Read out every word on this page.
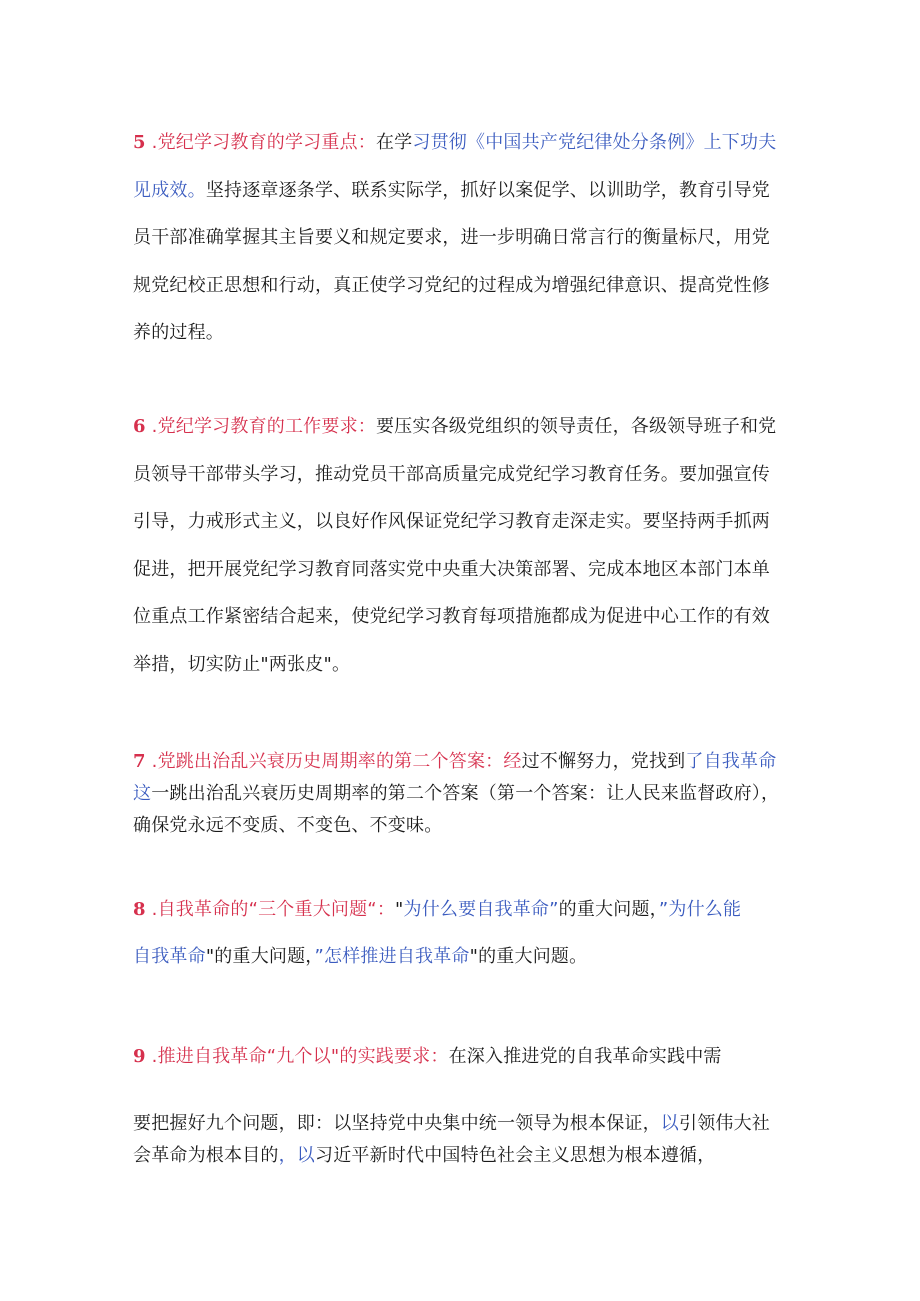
5 .党纪学习教育的学习重点：在学习贯彻《中国共产党纪律处分条例》上下功夫
见成效。坚持逐章逐条学、联系实际学，抓好以案促学、以训助学，教育引导党
员干部准确掌握其主旨要义和规定要求，进一步明确日常言行的衡量标尺，用党
规党纪校正思想和行动，真正使学习党纪的过程成为增强纪律意识、提高党性修
养的过程。
6 .党纪学习教育的工作要求：要压实各级党组织的领导责任，各级领导班子和党
员领导干部带头学习，推动党员干部高质量完成党纪学习教育任务。要加强宣传
引导，力戒形式主义，以良好作风保证党纪学习教育走深走实。要坚持两手抓两
促进，把开展党纪学习教育同落实党中央重大决策部署、完成本地区本部门本单
位重点工作紧密结合起来，使党纪学习教育每项措施都成为促进中心工作的有效
举措，切实防止"两张皮"。
7 .党跳出治乱兴衰历史周期率的第二个答案：经过不懈努力，党找到了自我革命
这一跳出治乱兴衰历史周期率的第二个答案（第一个答案：让人民来监督政府），
确保党永远不变质、不变色、不变味。
8 .自我革命的“三个重大问题“："为什么要自我革命”的重大问题，”为什么能
自我革命"的重大问题，”怎样推进自我革命"的重大问题。
9 .推进自我革命“九个以"的实践要求：在深入推进党的自我革命实践中需
要把握好九个问题，即：以坚持党中央集中统一领导为根本保证，以引领伟大社
会革命为根本目的，以习近平新时代中国特色社会主义思想为根本遵循，
